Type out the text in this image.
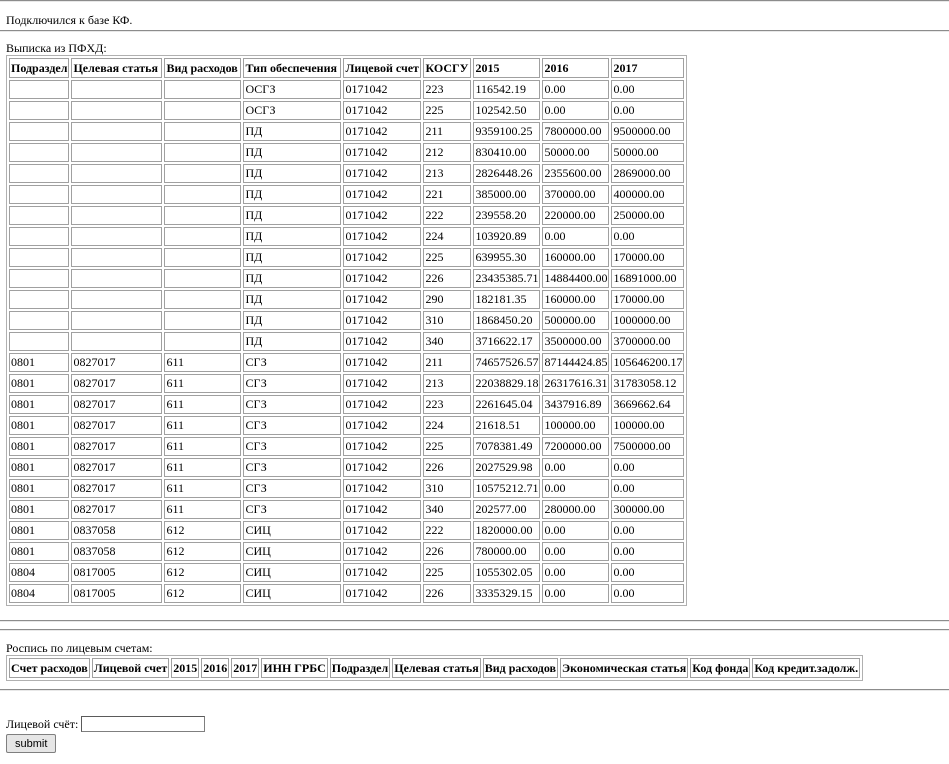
Подключился к базе КФ.
Выписка из ПФХД:
Подраздел	Целевая статья	Вид расходов	Тип обеспечения	Лицевой счет	КОСГУ	2015	2016	2017
			ОСГЗ	0171042	223	116542.19	0.00	0.00
			ОСГЗ	0171042	225	102542.50	0.00	0.00
			ПД	0171042	211	9359100.25	7800000.00	9500000.00
			ПД	0171042	212	830410.00	50000.00	50000.00
			ПД	0171042	213	2826448.26	2355600.00	2869000.00
			ПД	0171042	221	385000.00	370000.00	400000.00
			ПД	0171042	222	239558.20	220000.00	250000.00
			ПД	0171042	224	103920.89	0.00	0.00
			ПД	0171042	225	639955.30	160000.00	170000.00
			ПД	0171042	226	23435385.71	14884400.00	16891000.00
			ПД	0171042	290	182181.35	160000.00	170000.00
			ПД	0171042	310	1868450.20	500000.00	1000000.00
			ПД	0171042	340	3716622.17	3500000.00	3700000.00
0801	0827017	611	СГЗ	0171042	211	74657526.57	87144424.85	105646200.17
0801	0827017	611	СГЗ	0171042	213	22038829.18	26317616.31	31783058.12
0801	0827017	611	СГЗ	0171042	223	2261645.04	3437916.89	3669662.64
0801	0827017	611	СГЗ	0171042	224	21618.51	100000.00	100000.00
0801	0827017	611	СГЗ	0171042	225	7078381.49	7200000.00	7500000.00
0801	0827017	611	СГЗ	0171042	226	2027529.98	0.00	0.00
0801	0827017	611	СГЗ	0171042	310	10575212.71	0.00	0.00
0801	0827017	611	СГЗ	0171042	340	202577.00	280000.00	300000.00
0801	0837058	612	СИЦ	0171042	222	1820000.00	0.00	0.00
0801	0837058	612	СИЦ	0171042	226	780000.00	0.00	0.00
0804	0817005	612	СИЦ	0171042	225	1055302.05	0.00	0.00
0804	0817005	612	СИЦ	0171042	226	3335329.15	0.00	0.00
Роспись по лицевым счетам:
Счет расходов	Лицевой счет	2015	2016	2017	ИНН ГРБС	Подраздел	Целевая статья	Вид расходов	Экономическая статья	Код фонда	Код кредит.задолж.
Лицевой счёт:
submit
